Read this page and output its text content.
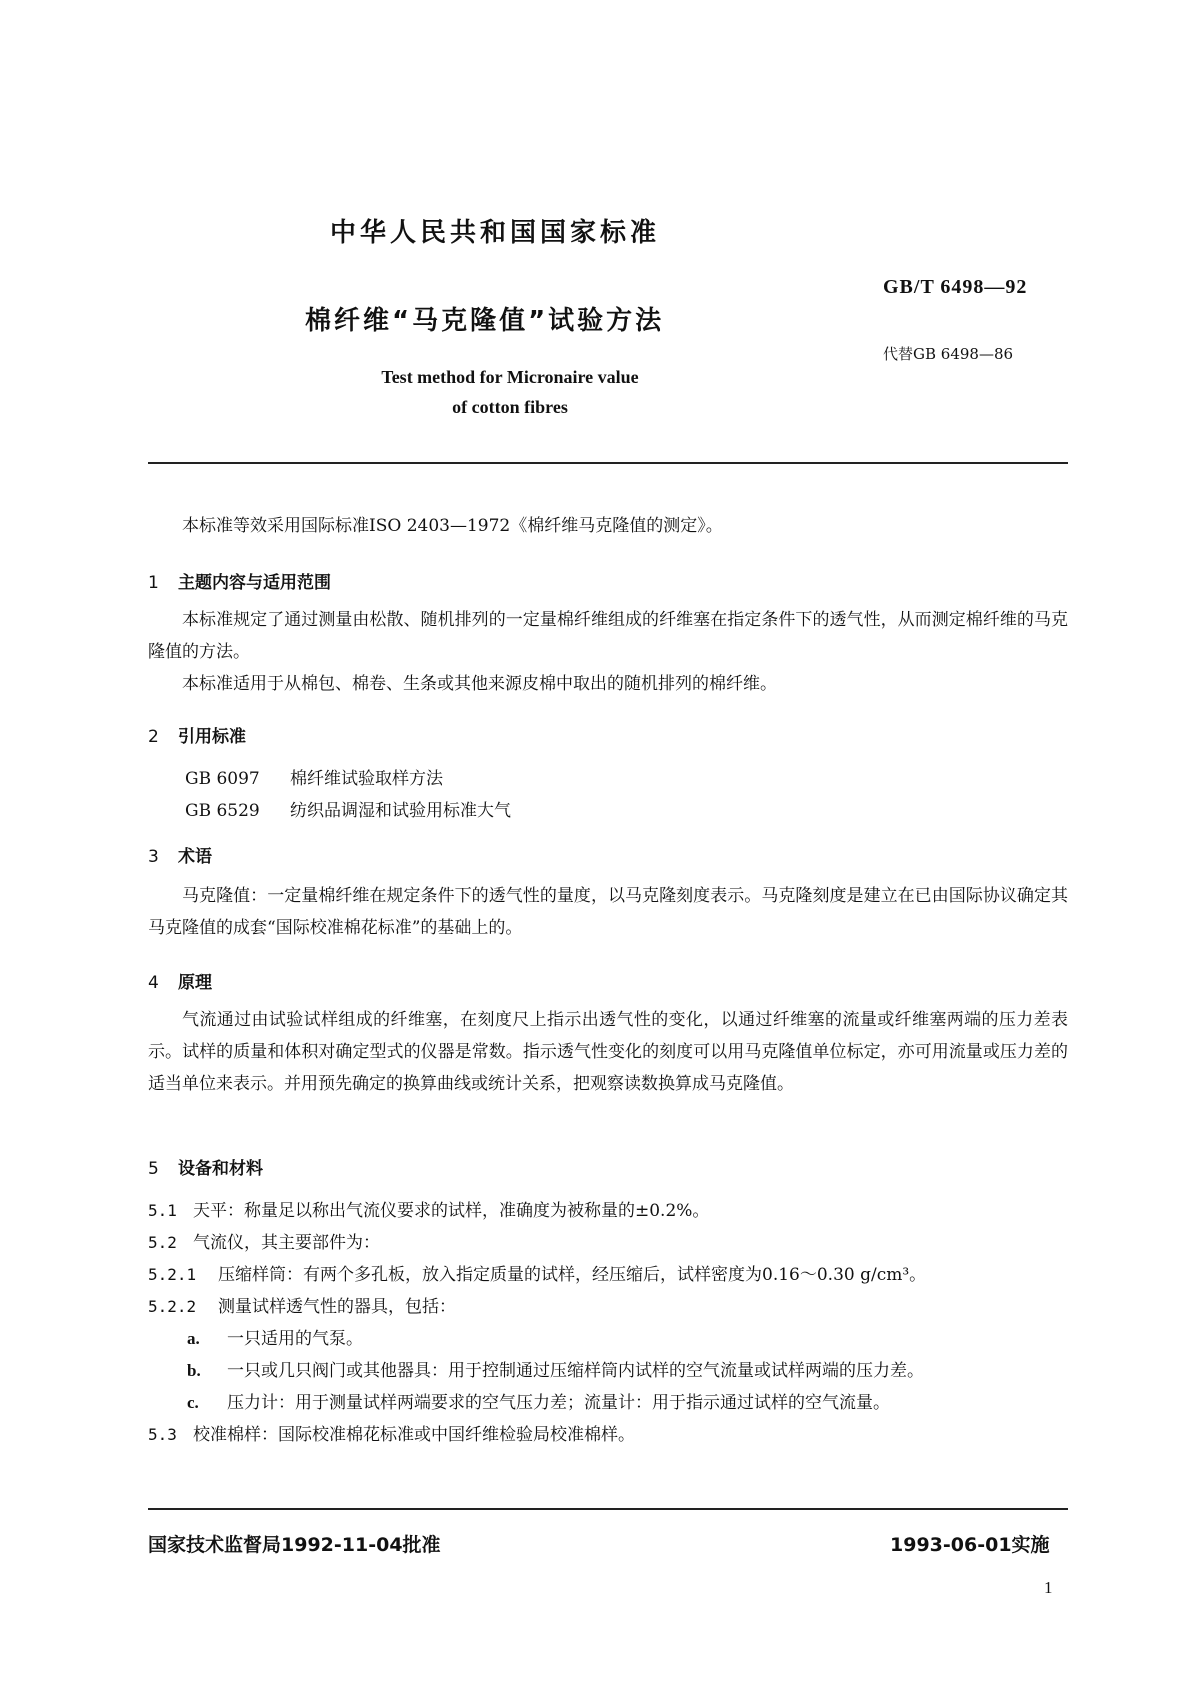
中华人民共和国国家标准
GB/T 6498—92
棉纤维“马克隆值”试验方法
代替GB 6498—86
Test method for Micronaire value of cotton fibres
本标准等效采用国际标准ISO 2403—1972《棉纤维马克隆值的测定》。
1 主题内容与适用范围
本标准规定了通过测量由松散、随机排列的一定量棉纤维组成的纤维塞在指定条件下的透气性，从而测定棉纤维的马克隆值的方法。
本标准适用于从棉包、棉卷、生条或其他来源皮棉中取出的随机排列的棉纤维。
2 引用标准
GB 6097 棉纤维试验取样方法
GB 6529 纺织品调湿和试验用标准大气
3 术语
马克隆值：一定量棉纤维在规定条件下的透气性的量度，以马克隆刻度表示。马克隆刻度是建立在已由国际协议确定其马克隆值的成套“国际校准棉花标准”的基础上的。
4 原理
气流通过由试验试样组成的纤维塞，在刻度尺上指示出透气性的变化，以通过纤维塞的流量或纤维塞两端的压力差表示。试样的质量和体积对确定型式的仪器是常数。指示透气性变化的刻度可以用马克隆值单位标定，亦可用流量或压力差的适当单位来表示。并用预先确定的换算曲线或统计关系，把观察读数换算成马克隆值。
5 设备和材料
5.1 天平：称量足以称出气流仪要求的试样，准确度为被称量的±0.2%。
5.2 气流仪，其主要部件为：
5.2.1 压缩样筒：有两个多孔板，放入指定质量的试样，经压缩后，试样密度为0.16～0.30 g/cm³。
5.2.2 测量试样透气性的器具，包括：
a. 一只适用的气泵。
b. 一只或几只阀门或其他器具：用于控制通过压缩样筒内试样的空气流量或试样两端的压力差。
c. 压力计：用于测量试样两端要求的空气压力差；流量计：用于指示通过试样的空气流量。
5.3 校准棉样：国际校准棉花标准或中国纤维检验局校准棉样。
国家技术监督局1992-11-04批准	1993-06-01实施
1
